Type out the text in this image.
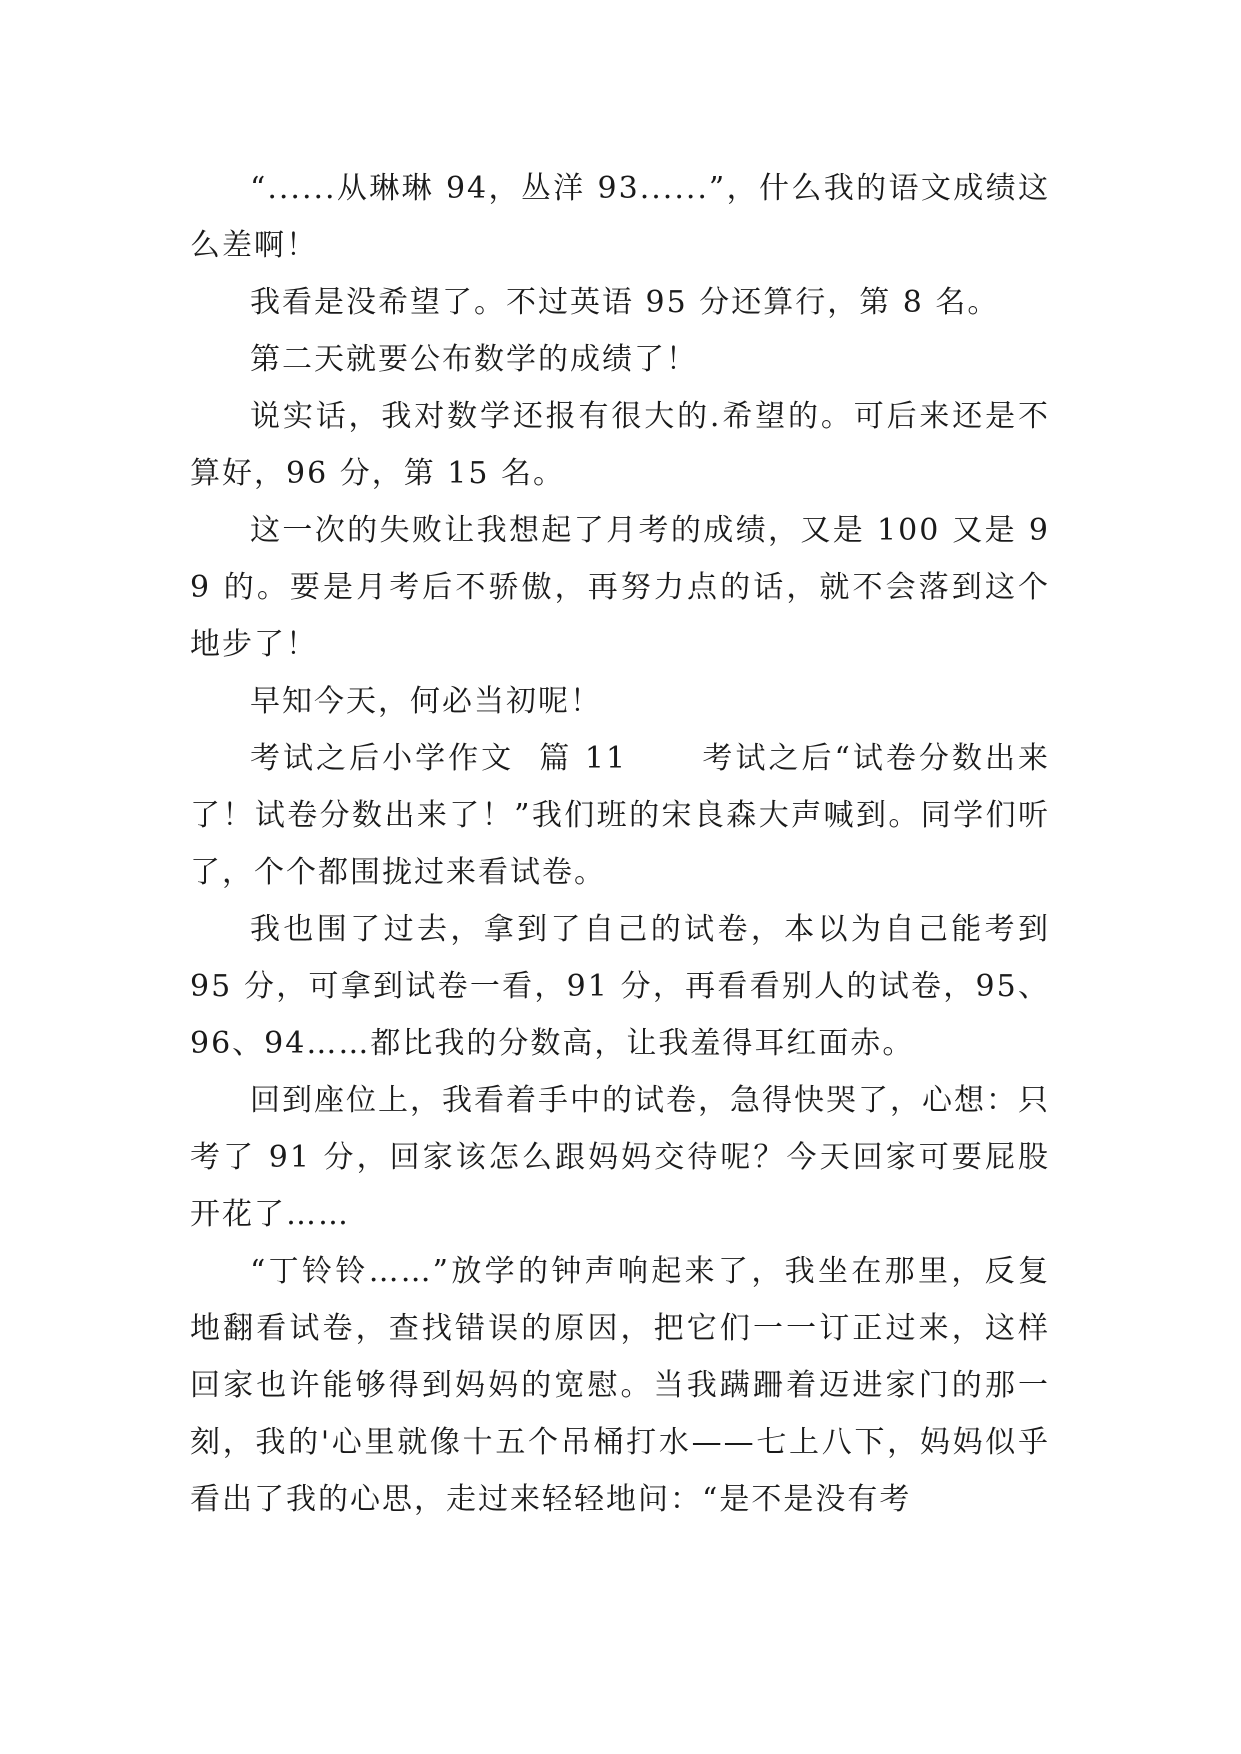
“......从琳琳 94，丛洋 93......”，什么我的语文成绩这么差啊！

我看是没希望了。不过英语 95 分还算行，第 8 名。

第二天就要公布数学的成绩了！

说实话，我对数学还报有很大的.希望的。可后来还是不算好，96 分，第 15 名。

这一次的失败让我想起了月考的成绩，又是 100 又是 99 的。要是月考后不骄傲，再努力点的话，就不会落到这个地步了！

早知今天，何必当初呢！

考试之后小学作文  篇 11      考试之后“试卷分数出来了！试卷分数出来了！”我们班的宋良森大声喊到。同学们听了，个个都围拢过来看试卷。

我也围了过去，拿到了自己的试卷，本以为自己能考到 95 分，可拿到试卷一看，91 分，再看看别人的试卷，95、96、94……都比我的分数高，让我羞得耳红面赤。

回到座位上，我看着手中的试卷，急得快哭了，心想：只考了 91 分，回家该怎么跟妈妈交待呢？今天回家可要屁股开花了……

“丁铃铃……”放学的钟声响起来了，我坐在那里，反复地翻看试卷，查找错误的原因，把它们一一订正过来，这样回家也许能够得到妈妈的宽慰。当我蹒跚着迈进家门的那一刻，我的'心里就像十五个吊桶打水——七上八下，妈妈似乎看出了我的心思，走过来轻轻地问：“是不是没有考
